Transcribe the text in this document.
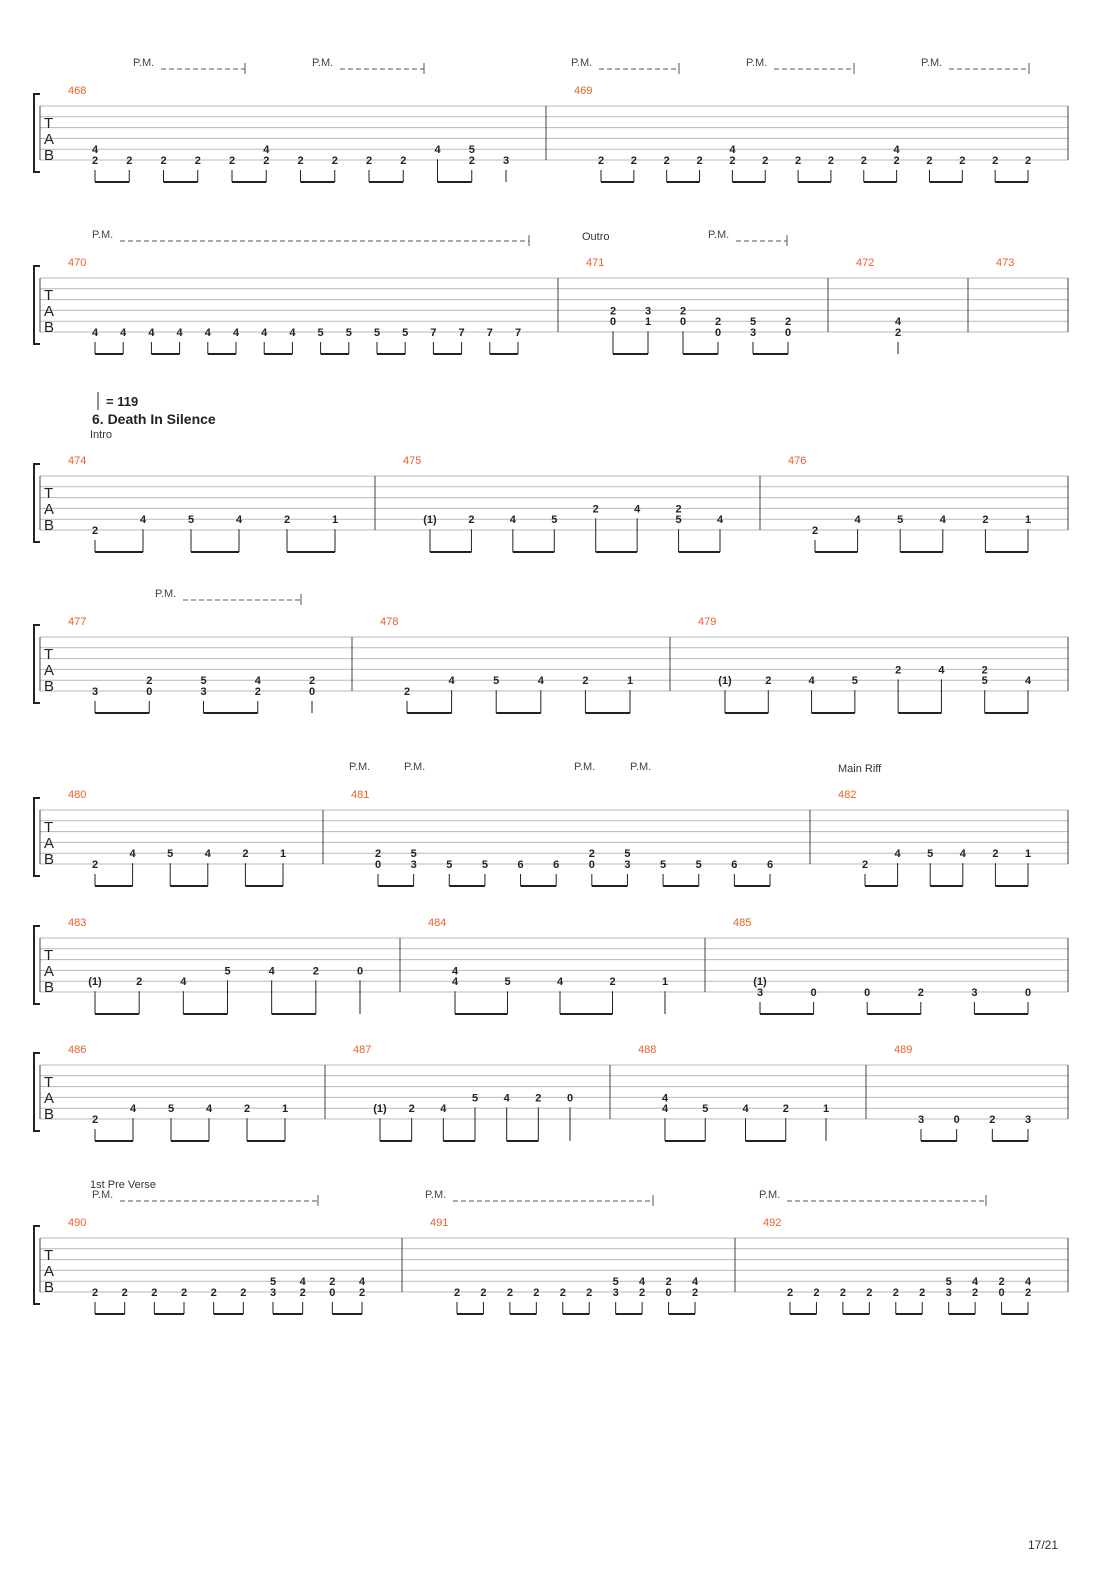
= 119
6. Death In Silence
T
A
B
P.M.	P.M.	P.M.	P.M.	P.M.
468
4
2	2	2	2	2
4
2	2	2	2	2
4	5
2	3
469
2 2 2 2
4
2 2 2 2 2
4
2 2 2 2 2
T
A
B
P.M.	P.M.
470
4 4 4 4 4 4 4 4 5 5 5 5 7 7 7 7
471
Outro
2
0
3
1
2
0	2
0
5
3
2
0
472
4
2
473
T
A
B
474
Intro
2
4	5	4	2	1
475
(1)	2	4	5
2	4	2
5	4
476
2
4	5	4	2	1
T
A
B
P.M.
477
3
2
0
5
3
4
2
2
0
478
2
4	5	4	2	1
479
(1)	2	4	5
2	4	2
5	4
T
A
B
P.M.	P.M.	P.M.	P.M.
480
2
4	5	4	2	1
481
2
0
5
3	5	5	6	6
2
0
5
3	5	5	6	6
482
Main Riff
2
4 5 4 2 1
T
A
B
483
(1)	2	4
5	4	2	0
484
4
4	5	4	2	1
485
(1)
3	0	0	2	3	0
T
A
B
486
2
4	5	4	2	1
487
(1) 2 4
5 4 2 0
488
4
4	5	4	2	1
489
3	0	2	3
T
A
B
P.M.	P.M.	P.M.
490
1st Pre Verse
2 2 2 2 2 2
5
3
4
2
2
0
4
2
491
2 2 2 2 2 2
5
3
4
2
2
0
4
2
492
2 2 2 2 2 2
5
3
4
2
2
0
4
2
17/21
